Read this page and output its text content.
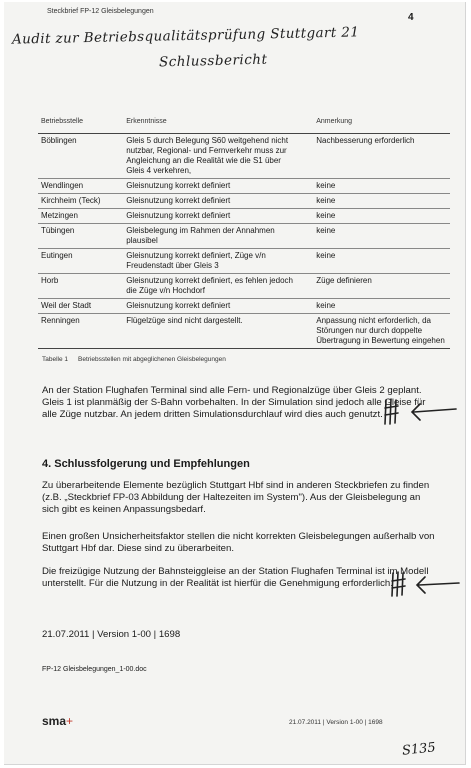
Steckbrief FP-12 Gleisbelegungen
4
Audit zur Betriebsqualitätsprüfung Stuttgart 21
Schlussbericht
Betriebsstelle	Erkenntnisse	Anmerkung
Böblingen	Gleis 5 durch Belegung S60 weitgehend nicht nutzbar, Regional- und Fernverkehr muss zur Angleichung an die Realität wie die S1 über Gleis 4 verkehren,	Nachbesserung erforderlich
Wendlingen	Gleisnutzung korrekt definiert	keine
Kirchheim (Teck)	Gleisnutzung korrekt definiert	keine
Metzingen	Gleisnutzung korrekt definiert	keine
Tübingen	Gleisbelegung im Rahmen der Annahmen plausibel	keine
Eutingen	Gleisnutzung korrekt definiert, Züge v/n Freudenstadt über Gleis 3	keine
Horb	Gleisnutzung korrekt definiert, es fehlen jedoch die Züge v/n Hochdorf	Züge definieren
Weil der Stadt	Gleisnutzung korrekt definiert	keine
Renningen	Flügelzüge sind nicht dargestellt.	Anpassung nicht erforderlich, da Störungen nur durch doppelte Übertragung in Bewertung eingehen
Tabelle 1 Betriebsstellen mit abgeglichenen Gleisbelegungen
An der Station Flughafen Terminal sind alle Fern- und Regionalzüge über Gleis 2 geplant. Gleis 1 ist planmäßig der S-Bahn vorbehalten. In der Simulation sind jedoch alle Gleise für alle Züge nutzbar. An jedem dritten Simulationsdurchlauf wird dies auch genutzt.
4. Schlussfolgerung und Empfehlungen
Zu überarbeitende Elemente bezüglich Stuttgart Hbf sind in anderen Steckbriefen zu finden (z.B. „Steckbrief FP-03 Abbildung der Haltezeiten im System"). Aus der Gleisbelegung an sich gibt es keinen Anpassungsbedarf.
Einen großen Unsicherheitsfaktor stellen die nicht korrekten Gleisbelegungen außerhalb von Stuttgart Hbf dar. Diese sind zu überarbeiten.
Die freizügige Nutzung der Bahnsteiggleise an der Station Flughafen Terminal ist im Modell unterstellt. Für die Nutzung in der Realität ist hierfür die Genehmigung erforderlich.
21.07.2011 | Version 1-00 | 1698
FP-12 Gleisbelegungen_1-00.doc
sma+	21.07.2011 | Version 1-00 | 1698
S135
